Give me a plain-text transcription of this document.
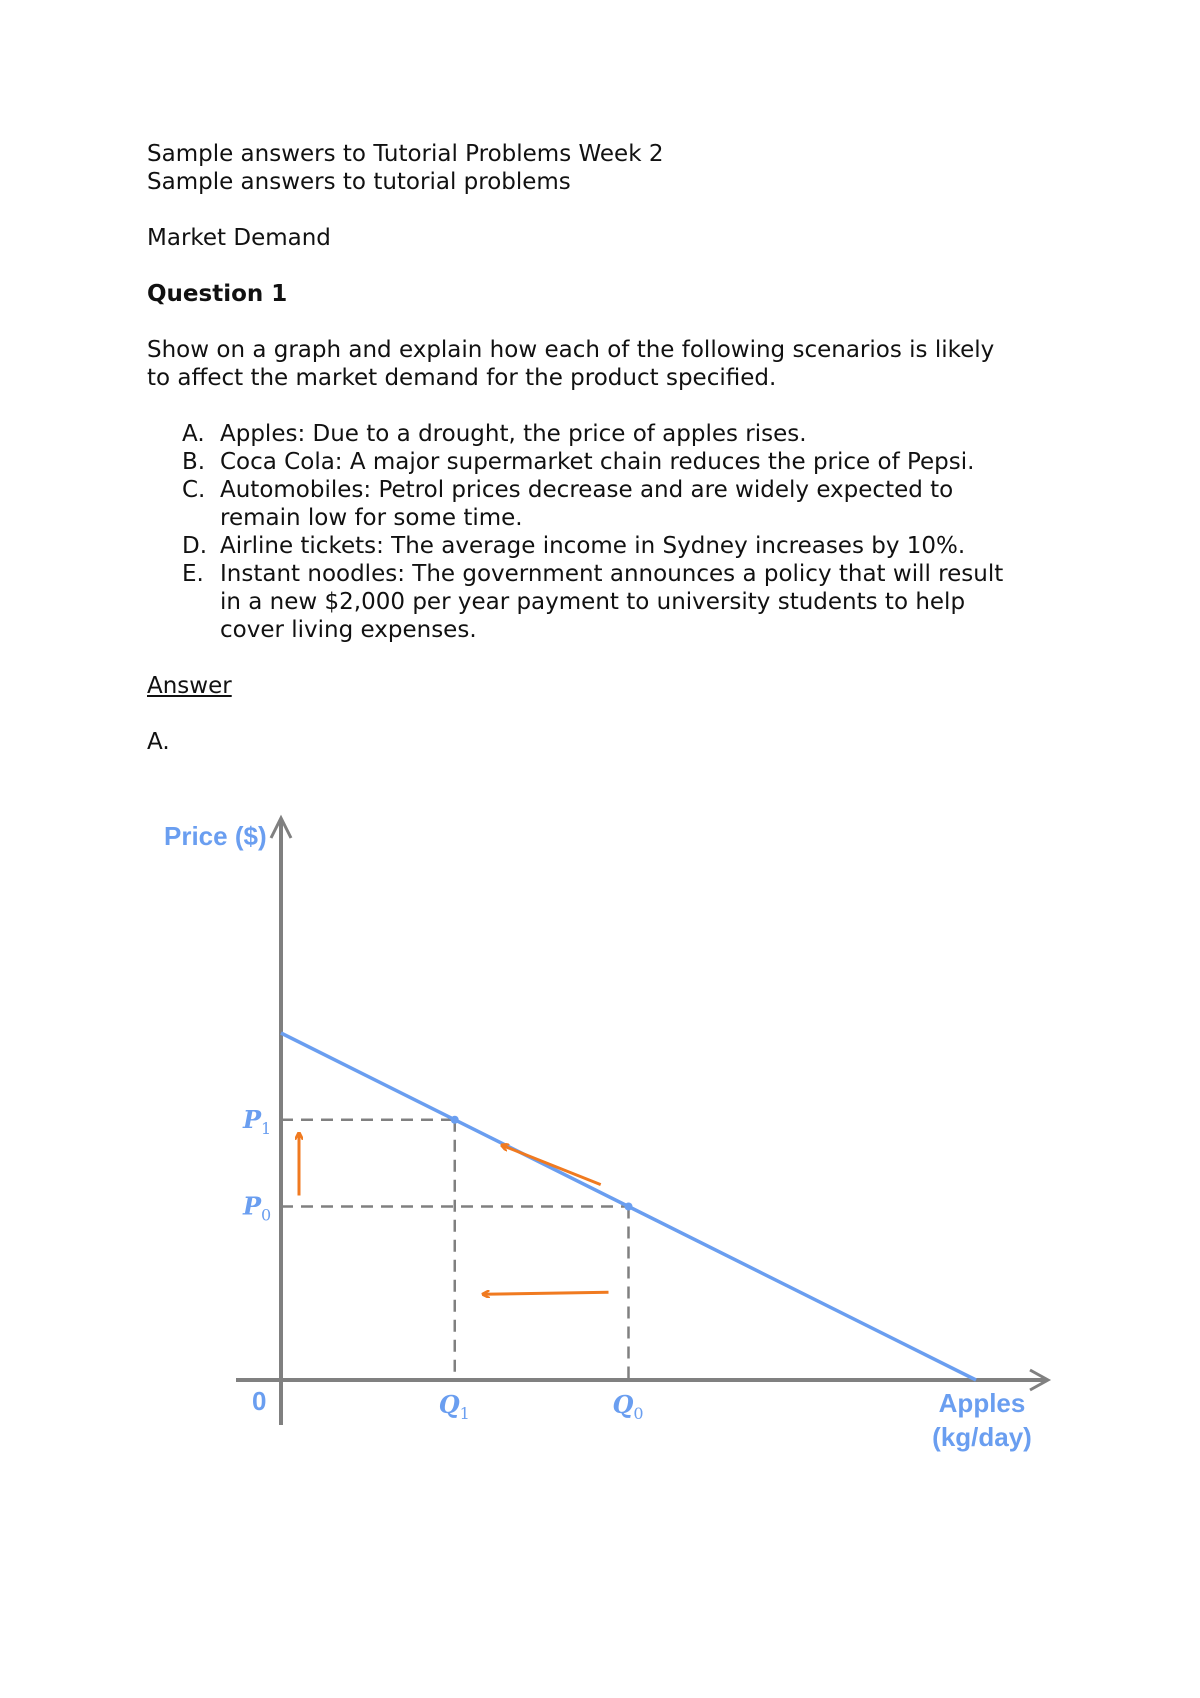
Sample answers to Tutorial Problems Week 2
Sample answers to tutorial problems
Market Demand
Question 1
Show on a graph and explain how each of the following scenarios is likely
to affect the market demand for the product specified.
A. Apples: Due to a drought, the price of apples rises.
B. Coca Cola: A major supermarket chain reduces the price of Pepsi.
C. Automobiles: Petrol prices decrease and are widely expected to
remain low for some time.
D. Airline tickets: The average income in Sydney increases by 10%.
E. Instant noodles: The government announces a policy that will result
in a new $2,000 per year payment to university students to help
cover living expenses.
Answer
A.
Price ($)
0	Apples
(kg/day)
$P_0$
$Q_0$
$P_1$
$Q_1$
